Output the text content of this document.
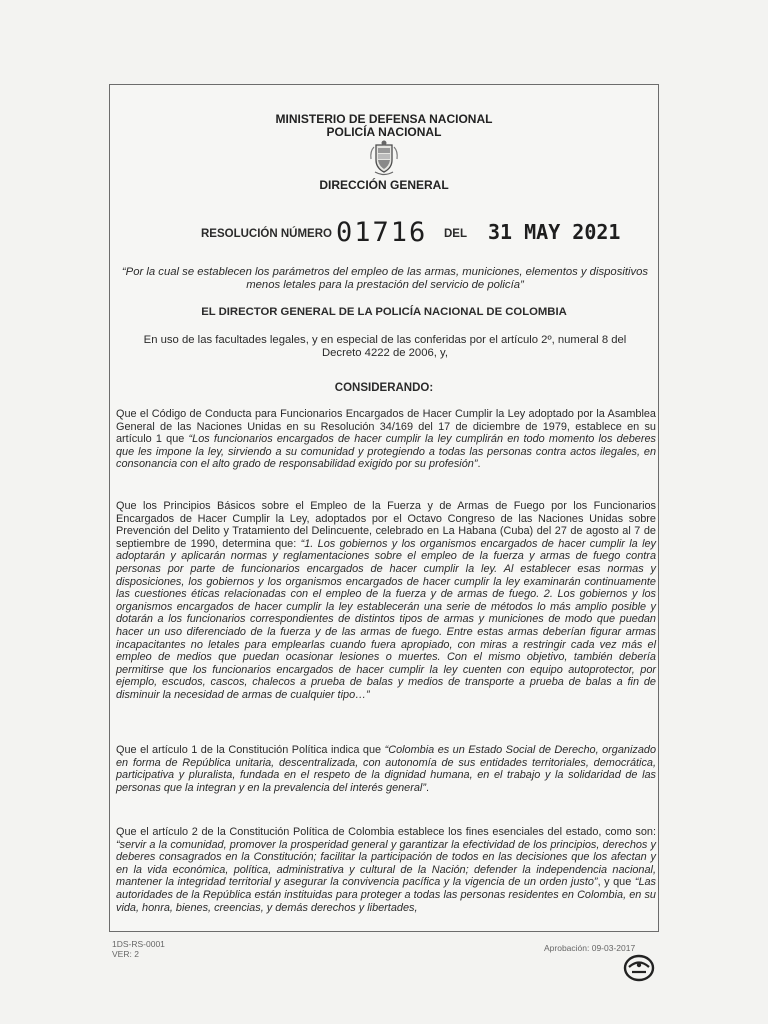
MINISTERIO DE DEFENSA NACIONAL
POLICÍA NACIONAL
DIRECCIÓN GENERAL
RESOLUCIÓN NÚMERO 01716 DEL 31 MAY 2021
“Por la cual se establecen los parámetros del empleo de las armas, municiones, elementos y dispositivos menos letales para la prestación del servicio de policía”
EL DIRECTOR GENERAL DE LA POLICÍA NACIONAL DE COLOMBIA
En uso de las facultades legales, y en especial de las conferidas por el artículo 2º, numeral 8 del Decreto 4222 de 2006, y,
CONSIDERANDO:

Que el Código de Conducta para Funcionarios Encargados de Hacer Cumplir la Ley adoptado por la Asamblea General de las Naciones Unidas en su Resolución 34/169 del 17 de diciembre de 1979, establece en su artículo 1 que “Los funcionarios encargados de hacer cumplir la ley cumplirán en todo momento los deberes que les impone la ley, sirviendo a su comunidad y protegiendo a todas las personas contra actos ilegales, en consonancia con el alto grado de responsabilidad exigido por su profesión”.

Que los Principios Básicos sobre el Empleo de la Fuerza y de Armas de Fuego por los Funcionarios Encargados de Hacer Cumplir la Ley, adoptados por el Octavo Congreso de las Naciones Unidas sobre Prevención del Delito y Tratamiento del Delincuente, celebrado en La Habana (Cuba) del 27 de agosto al 7 de septiembre de 1990, determina que: “1. Los gobiernos y los organismos encargados de hacer cumplir la ley adoptarán y aplicarán normas y reglamentaciones sobre el empleo de la fuerza y armas de fuego contra personas por parte de funcionarios encargados de hacer cumplir la ley. Al establecer esas normas y disposiciones, los gobiernos y los organismos encargados de hacer cumplir la ley examinarán continuamente las cuestiones éticas relacionadas con el empleo de la fuerza y de armas de fuego. 2. Los gobiernos y los organismos encargados de hacer cumplir la ley establecerán una serie de métodos lo más amplio posible y dotarán a los funcionarios correspondientes de distintos tipos de armas y municiones de modo que puedan hacer un uso diferenciado de la fuerza y de las armas de fuego. Entre estas armas deberían figurar armas incapacitantes no letales para emplearlas cuando fuera apropiado, con miras a restringir cada vez más el empleo de medios que puedan ocasionar lesiones o muertes. Con el mismo objetivo, también debería permitirse que los funcionarios encargados de hacer cumplir la ley cuenten con equipo autoprotector, por ejemplo, escudos, cascos, chalecos a prueba de balas y medios de transporte a prueba de balas a fin de disminuir la necesidad de armas de cualquier tipo…”

Que el artículo 1 de la Constitución Política indica que “Colombia es un Estado Social de Derecho, organizado en forma de República unitaria, descentralizada, con autonomía de sus entidades territoriales, democrática, participativa y pluralista, fundada en el respeto de la dignidad humana, en el trabajo y la solidaridad de las personas que la integran y en la prevalencia del interés general”.

Que el artículo 2 de la Constitución Política de Colombia establece los fines esenciales del estado, como son: “servir a la comunidad, promover la prosperidad general y garantizar la efectividad de los principios, derechos y deberes consagrados en la Constitución; facilitar la participación de todos en las decisiones que los afectan y en la vida económica, política, administrativa y cultural de la Nación; defender la independencia nacional, mantener la integridad territorial y asegurar la convivencia pacífica y la vigencia de un orden justo”, y que “Las autoridades de la República están instituidas para proteger a todas las personas residentes en Colombia, en su vida, honra, bienes, creencias, y demás derechos y libertades,

1DS-RS-0001
VER: 2
Aprobación: 09-03-2017
